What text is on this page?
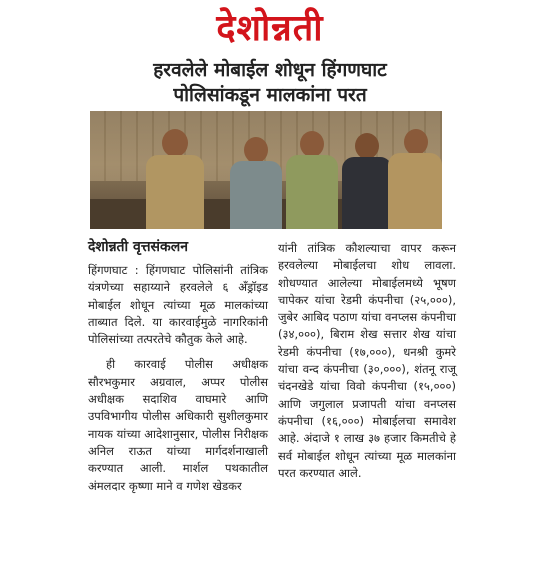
देशोन्नती
हरवलेले मोबाईल शोधून हिंगणघाट
पोलिसांकडून मालकांना परत
देशोन्नती वृत्तसंकलन

हिंगणघाट : हिंगणघाट पोलिसांनी तांत्रिक यंत्रणेच्या सहाय्याने हरवलेले ६ अँड्रॉइड मोबाईल शोधून त्यांच्या मूळ मालकांच्या ताब्यात दिले. या कारवाईमुळे नागरिकांनी पोलिसांच्या तत्परतेचे कौतुक केले आहे.

ही कारवाई पोलीस अधीक्षक सौरभकुमार अग्रवाल, अप्पर पोलीस अधीक्षक सदाशिव वाघमारे आणि उपविभागीय पोलीस अधिकारी सुशीलकुमार नायक यांच्या आदेशानुसार, पोलीस निरीक्षक अनिल राऊत यांच्या मार्गदर्शनाखाली करण्यात आली. मार्शल पथकातील अंमलदार कृष्णा माने व गणेश खेडकर

यांनी तांत्रिक कौशल्याचा वापर करून हरवलेल्या मोबाईलचा शोध लावला. शोधण्यात आलेल्या मोबाईलमध्ये भूषण चापेकर यांचा रेडमी कंपनीचा (२५,०००), जुबेर आबिद पठाण यांचा वनप्लस कंपनीचा (३४,०००), बिराम शेख सत्तार शेख यांचा रेडमी कंपनीचा (१७,०००), धनश्री कुमरे यांचा वन्द कंपनीचा (३०,०००), शंतनू राजू चंदनखेडे यांचा विवो कंपनीचा (१५,०००) आणि जगुलाल प्रजापती यांचा वनप्लस कंपनीचा (१६,०००) मोबाईलचा समावेश आहे. अंदाजे १ लाख ३७ हजार किमतीचे हे सर्व मोबाईल शोधून त्यांच्या मूळ मालकांना परत करण्यात आले.
